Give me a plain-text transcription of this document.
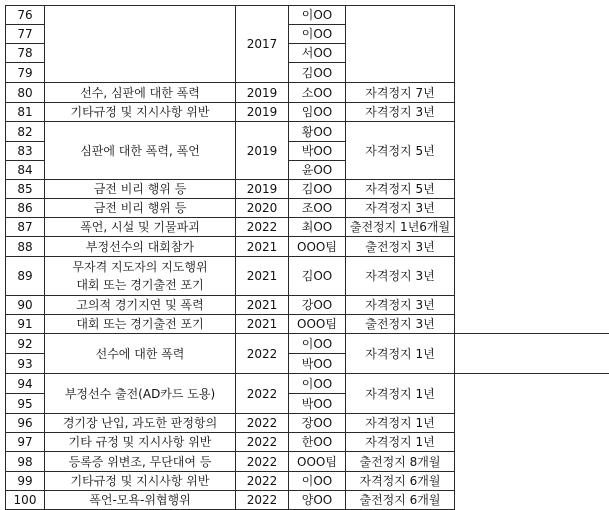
76		2017	이OO		
77			이OO		
78			서OO		
79			김OO		
80	선수, 심판에 대한 폭력	2019	소OO	자격정지 7년	
81	기타규정 및 지시사항 위반	2019	임OO	자격정지 3년	
82	심판에 대한 폭력, 폭언	2019	황OO	자격정지 5년	
83			박OO		
84			윤OO		
85	금전 비리 행위 등	2019	김OO	자격정지 5년	
86	금전 비리 행위 등	2020	조OO	자격정지 3년	
87	폭언, 시설 및 기물파괴	2022	최OO	출전정지 1년6개월	
88	부정선수의 대회참가	2021	OOO팀	출전정지 3년	
89	무자격 지도자의 지도행위
대회 또는 경기출전 포기	2021	김OO	자격정지 3년	
90	고의적 경기지연 및 폭력	2021	강OO	자격정지 3년	
91	대회 또는 경기출전 포기	2021	OOO팀	출전정지 3년	
92	선수에 대한 폭력	2022	이OO	자격정지 1년	
93			박OO		
94	부정선수 출전(AD카드 도용)	2022	이OO	자격정지 1년	
95			박OO		
96	경기장 난입, 과도한 판정항의	2022	장OO	자격정지 1년	
97	기타 규정 및 지시사항 위반	2022	한OO	자격정지 1년	
98	등록증 위변조, 무단대여 등	2022	OOO팀	출전정지 8개월	
99	기타규정 및 지시사항 위반	2022	이OO	자격정지 6개월	
100	폭언-모욕-위협행위	2022	양OO	출전정지 6개월	
